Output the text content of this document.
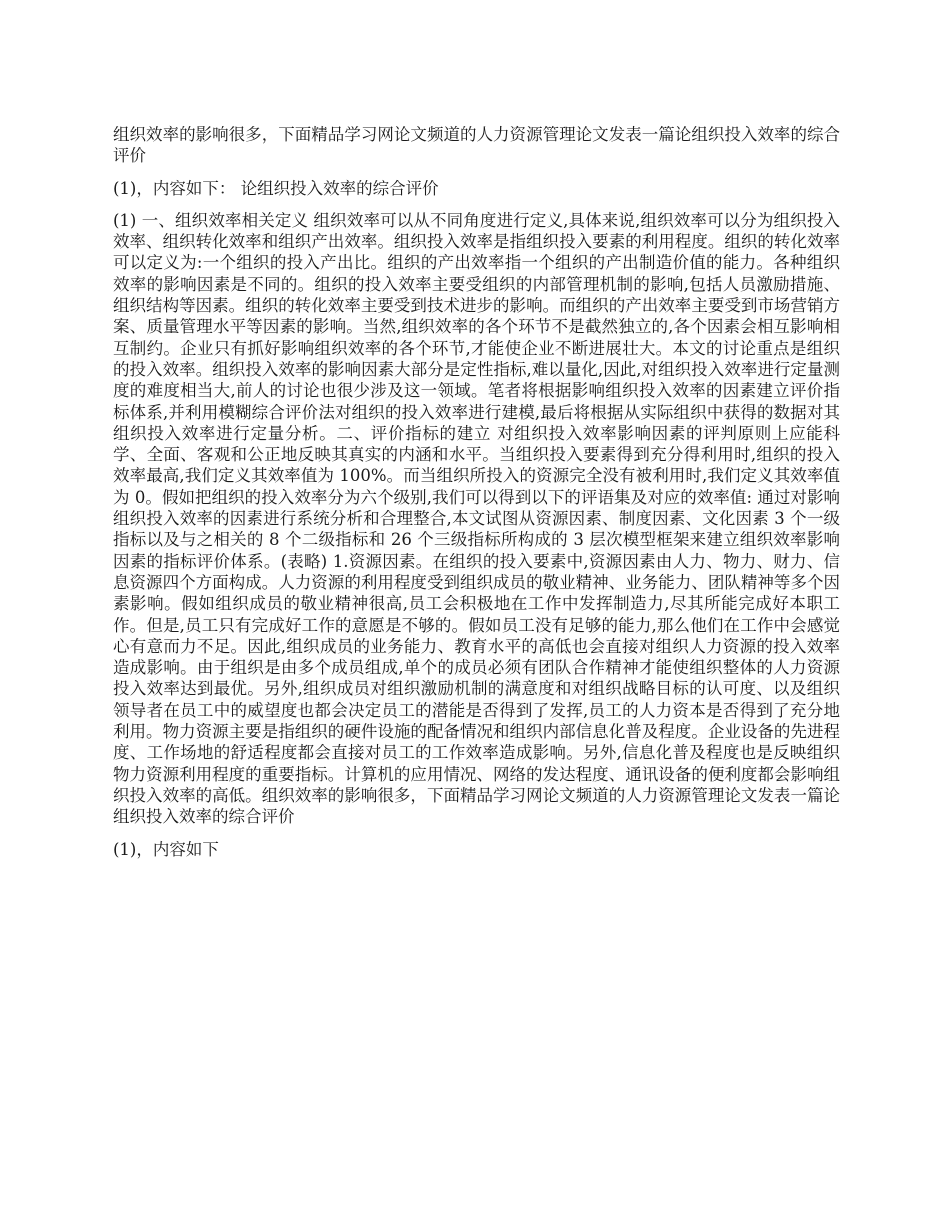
组织效率的影响很多，下面精品学习网论文频道的人力资源管理论文发表一篇论组织投入效率的综合评价

(1)，内容如下： 论组织投入效率的综合评价

(1) 一、组织效率相关定义 组织效率可以从不同角度进行定义,具体来说,组织效率可以分为组织投入效率、组织转化效率和组织产出效率。组织投入效率是指组织投入要素的利用程度。组织的转化效率可以定义为:一个组织的投入产出比。组织的产出效率指一个组织的产出制造价值的能力。各种组织效率的影响因素是不同的。组织的投入效率主要受组织的内部管理机制的影响,包括人员激励措施、组织结构等因素。组织的转化效率主要受到技术进步的影响。而组织的产出效率主要受到市场营销方案、质量管理水平等因素的影响。当然,组织效率的各个环节不是截然独立的,各个因素会相互影响相互制约。企业只有抓好影响组织效率的各个环节,才能使企业不断进展壮大。本文的讨论重点是组织的投入效率。组织投入效率的影响因素大部分是定性指标,难以量化,因此,对组织投入效率进行定量测度的难度相当大,前人的讨论也很少涉及这一领域。笔者将根据影响组织投入效率的因素建立评价指标体系,并利用模糊综合评价法对组织的投入效率进行建模,最后将根据从实际组织中获得的数据对其组织投入效率进行定量分析。二、评价指标的建立 对组织投入效率影响因素的评判原则上应能科学、全面、客观和公正地反映其真实的内涵和水平。当组织投入要素得到充分得利用时,组织的投入效率最高,我们定义其效率值为 100%。而当组织所投入的资源完全没有被利用时,我们定义其效率值为 0。假如把组织的投入效率分为六个级别,我们可以得到以下的评语集及对应的效率值: 通过对影响组织投入效率的因素进行系统分析和合理整合,本文试图从资源因素、制度因素、文化因素 3 个一级指标以及与之相关的 8 个二级指标和 26 个三级指标所构成的 3 层次模型框架来建立组织效率影响因素的指标评价体系。(表略) 1.资源因素。在组织的投入要素中,资源因素由人力、物力、财力、信息资源四个方面构成。人力资源的利用程度受到组织成员的敬业精神、业务能力、团队精神等多个因素影响。假如组织成员的敬业精神很高,员工会积极地在工作中发挥制造力,尽其所能完成好本职工作。但是,员工只有完成好工作的意愿是不够的。假如员工没有足够的能力,那么他们在工作中会感觉心有意而力不足。因此,组织成员的业务能力、教育水平的高低也会直接对组织人力资源的投入效率造成影响。由于组织是由多个成员组成,单个的成员必须有团队合作精神才能使组织整体的人力资源投入效率达到最优。另外,组织成员对组织激励机制的满意度和对组织战略目标的认可度、以及组织领导者在员工中的威望度也都会决定员工的潜能是否得到了发挥,员工的人力资本是否得到了充分地利用。物力资源主要是指组织的硬件设施的配备情况和组织内部信息化普及程度。企业设备的先进程度、工作场地的舒适程度都会直接对员工的工作效率造成影响。另外,信息化普及程度也是反映组织物力资源利用程度的重要指标。计算机的应用情况、网络的发达程度、通讯设备的便利度都会影响组织投入效率的高低。组织效率的影响很多，下面精品学习网论文频道的人力资源管理论文发表一篇论组织投入效率的综合评价

(1)，内容如下
